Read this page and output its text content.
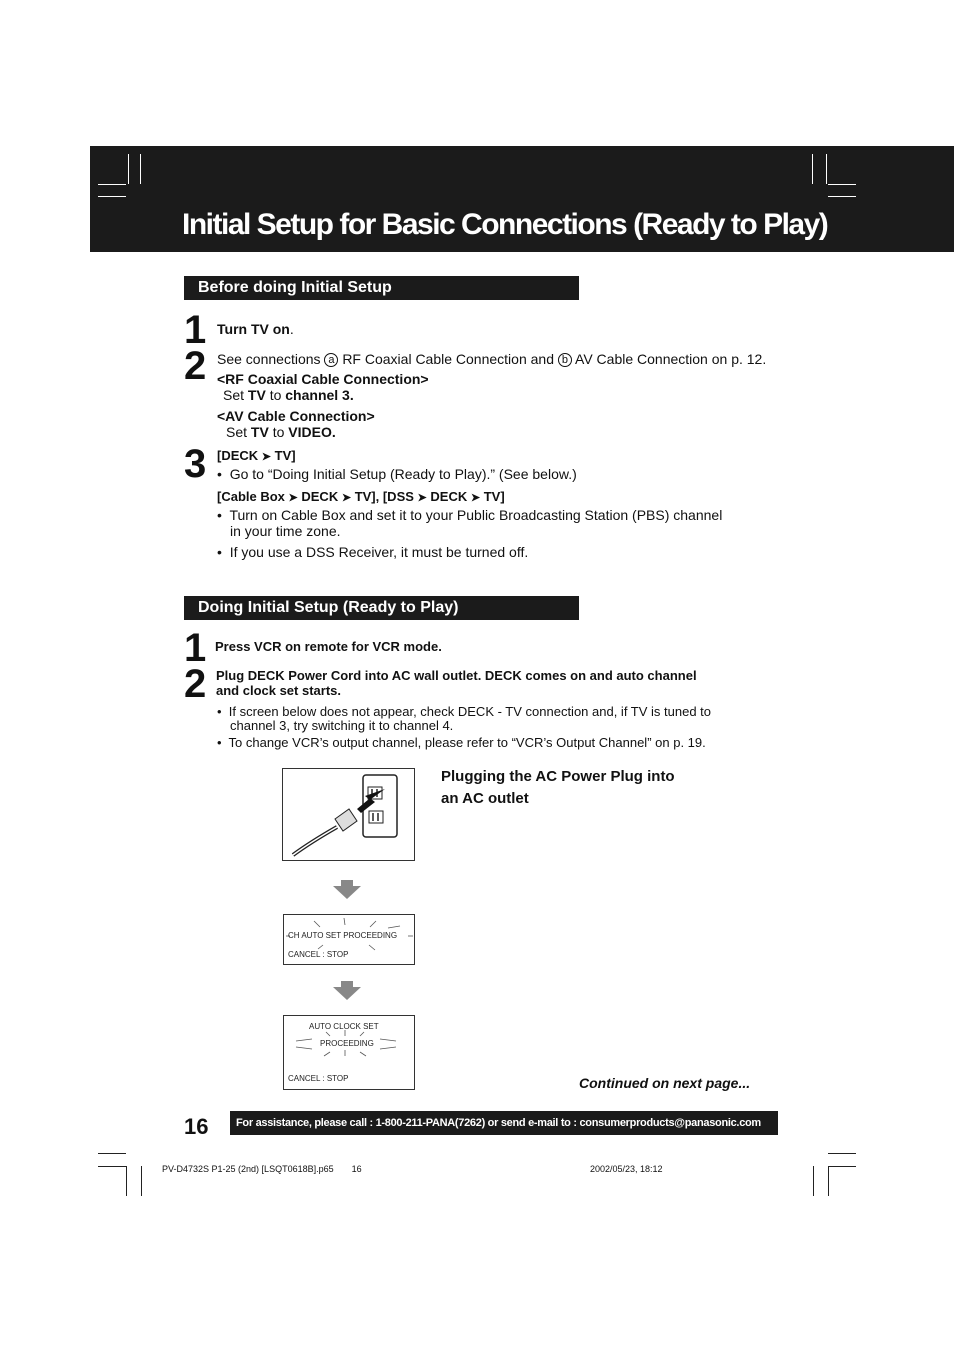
Initial Setup for Basic Connections (Ready to Play)
Before doing Initial Setup
1 Turn TV on.
2 See connections a RF Coaxial Cable Connection and b AV Cable Connection on p. 12.
<RF Coaxial Cable Connection>
Set TV to channel 3.
<AV Cable Connection>
Set TV to VIDEO.
3 [DECK ➤ TV]
•  Go to “Doing Initial Setup (Ready to Play).” (See below.)
[Cable Box ➤ DECK ➤ TV], [DSS ➤ DECK ➤ TV]
•  Turn on Cable Box and set it to your Public Broadcasting Station (PBS) channel
in your time zone.
•  If you use a DSS Receiver, it must be turned off.
Doing Initial Setup (Ready to Play)
1 Press VCR on remote for VCR mode.
2 Plug DECK Power Cord into AC wall outlet. DECK comes on and auto channel
and clock set starts.
•  If screen below does not appear, check DECK - TV connection and, if TV is tuned to
channel 3, try switching it to channel 4.
•  To change VCR’s output channel, please refer to “VCR’s Output Channel” on p. 19.
Plugging the AC Power Plug into
an AC outlet
CH AUTO SET PROCEEDING
CANCEL : STOP
AUTO CLOCK SET
PROCEEDING
CANCEL : STOP	Continued on next page...
16	For assistance, please call : 1-800-211-PANA(7262) or send e-mail to : consumerproducts@panasonic.com
PV-D4732S P1-25 (2nd) [LSQT0618B].p65 16	2002/05/23, 18:12
